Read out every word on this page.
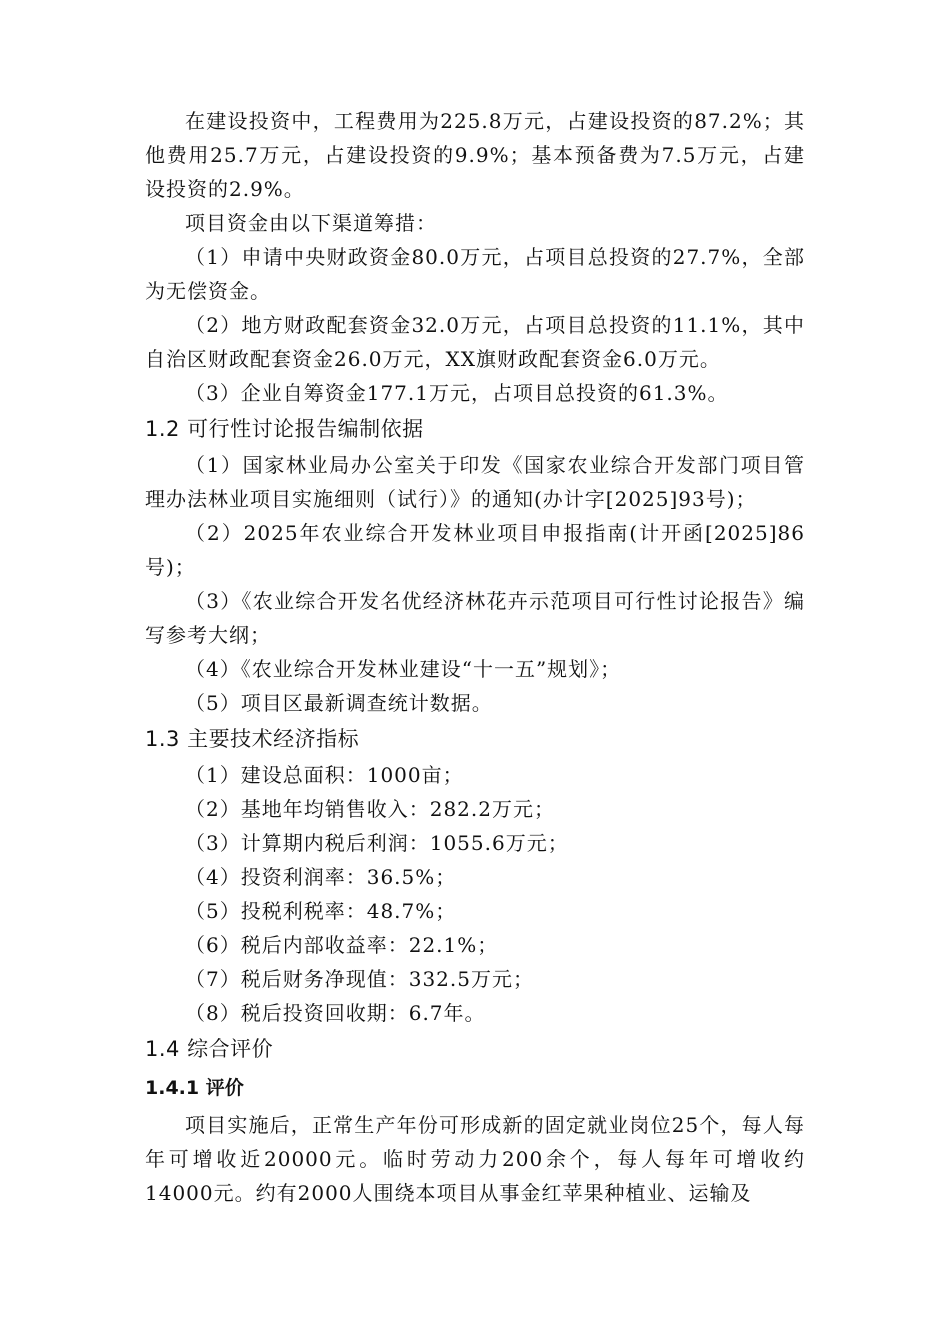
在建设投资中，工程费用为225.8万元，占建设投资的87.2%；其他费用25.7万元，占建设投资的9.9%；基本预备费为7.5万元，占建设投资的2.9%。

项目资金由以下渠道筹措：

（1）申请中央财政资金80.0万元，占项目总投资的27.7%，全部为无偿资金。

（2）地方财政配套资金32.0万元，占项目总投资的11.1%，其中自治区财政配套资金26.0万元，XX旗财政配套资金6.0万元。

（3）企业自筹资金177.1万元，占项目总投资的61.3%。

1.2 可行性讨论报告编制依据

（1）国家林业局办公室关于印发《国家农业综合开发部门项目管理办法林业项目实施细则（试行）》的通知(办计字[2025]93号)；

（2）2025年农业综合开发林业项目申报指南(计开函[2025]86号)；

（3）《农业综合开发名优经济林花卉示范项目可行性讨论报告》编写参考大纲；

（4）《农业综合开发林业建设“十一五”规划》；

（5）项目区最新调查统计数据。

1.3 主要技术经济指标

（1）建设总面积：1000亩；

（2）基地年均销售收入：282.2万元；

（3）计算期内税后利润：1055.6万元；

（4）投资利润率：36.5%；

（5）投税利税率：48.7%；

（6）税后内部收益率：22.1%；

（7）税后财务净现值：332.5万元；

（8）税后投资回收期：6.7年。

1.4 综合评价
1.4.1 评价

项目实施后，正常生产年份可形成新的固定就业岗位25个，每人每年可增收近20000元。临时劳动力200余个，每人每年可增收约14000元。约有2000人围绕本项目从事金红苹果种植业、运输及
